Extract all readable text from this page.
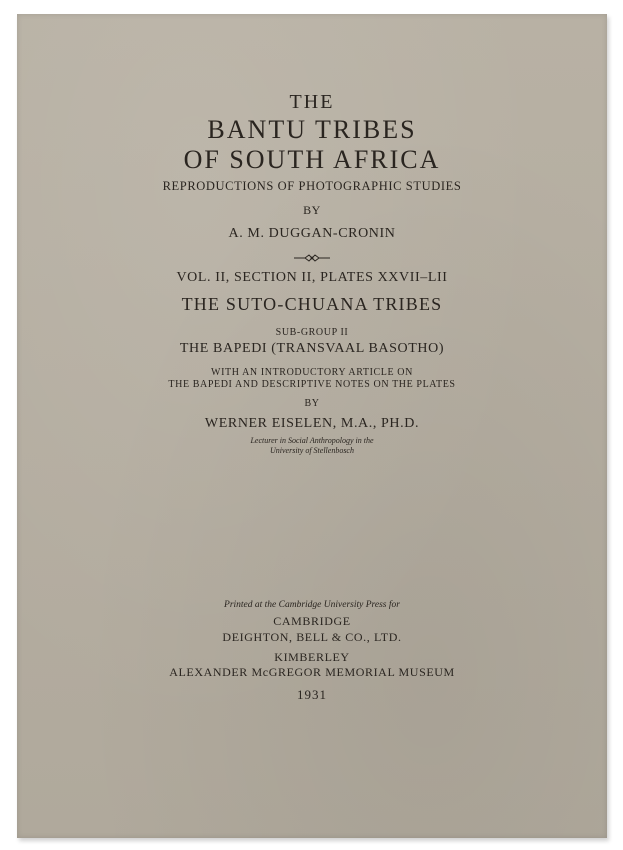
THE

BANTU TRIBES

OF SOUTH AFRICA

REPRODUCTIONS OF PHOTOGRAPHIC STUDIES

BY

A. M. DUGGAN-CRONIN

VOL. II, SECTION II, PLATES XXVII–LII

THE SUTO-CHUANA TRIBES

SUB-GROUP II

THE BAPEDI (TRANSVAAL BASOTHO)

WITH AN INTRODUCTORY ARTICLE ON

THE BAPEDI AND DESCRIPTIVE NOTES ON THE PLATES

BY

WERNER EISELEN, M.A., PH.D.

Lecturer in Social Anthropology in the

University of Stellenbosch

Printed at the Cambridge University Press for

CAMBRIDGE

DEIGHTON, BELL & CO., LTD.

KIMBERLEY

ALEXANDER McGREGOR MEMORIAL MUSEUM

1931
